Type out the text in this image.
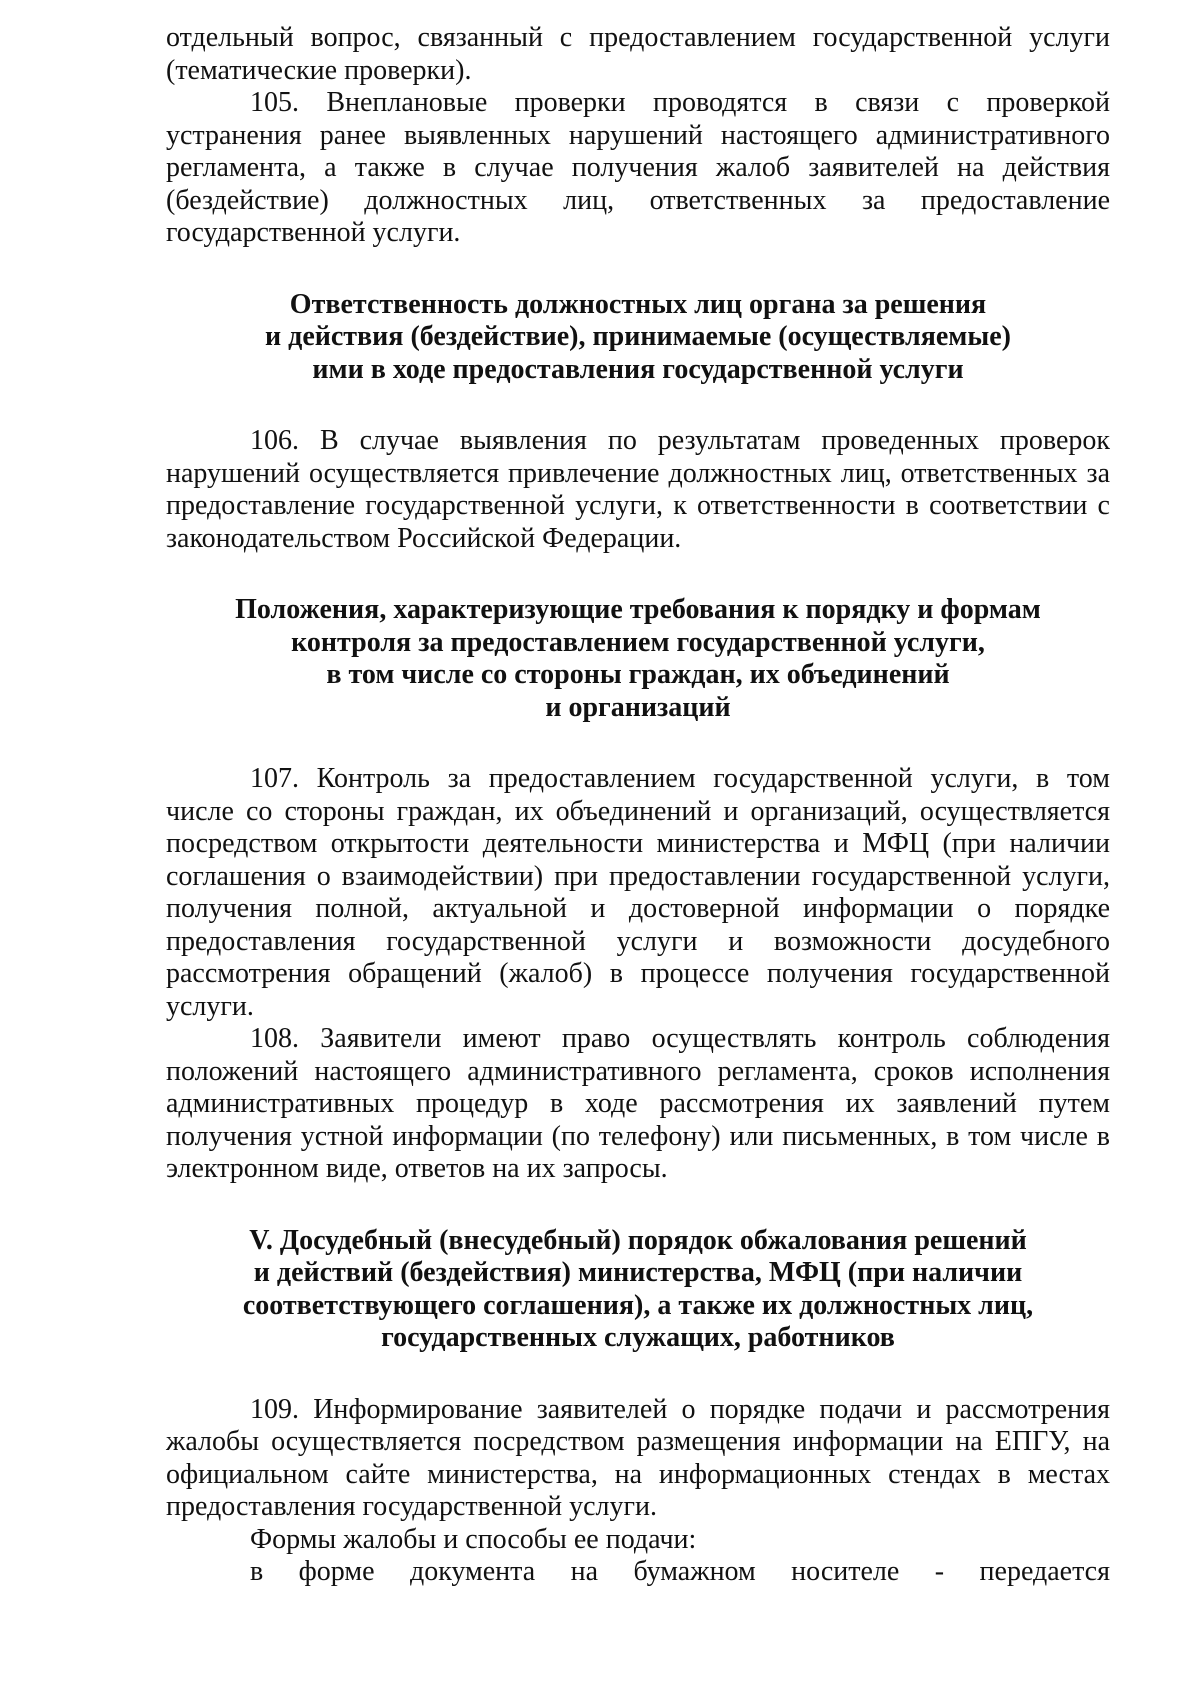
отдельный вопрос, связанный с предоставлением государственной услуги (тематические проверки).

105. Внеплановые проверки проводятся в связи с проверкой устранения ранее выявленных нарушений настоящего административного регламента, а также в случае получения жалоб заявителей на действия (бездействие) должностных лиц, ответственных за предоставление государственной услуги.

Ответственность должностных лиц органа за решения
и действия (бездействие), принимаемые (осуществляемые)
ими в ходе предоставления государственной услуги

106. В случае выявления по результатам проведенных проверок нарушений осуществляется привлечение должностных лиц, ответственных за предоставление государственной услуги, к ответственности в соответствии с законодательством Российской Федерации.

Положения, характеризующие требования к порядку и формам
контроля за предоставлением государственной услуги,
в том числе со стороны граждан, их объединений
и организаций

107. Контроль за предоставлением государственной услуги, в том числе со стороны граждан, их объединений и организаций, осуществляется посредством открытости деятельности министерства и МФЦ (при наличии соглашения о взаимодействии) при предоставлении государственной услуги, получения полной, актуальной и достоверной информации о порядке предоставления государственной услуги и возможности досудебного рассмотрения обращений (жалоб) в процессе получения государственной услуги.

108. Заявители имеют право осуществлять контроль соблюдения положений настоящего административного регламента, сроков исполнения административных процедур в ходе рассмотрения их заявлений путем получения устной информации (по телефону) или письменных, в том числе в электронном виде, ответов на их запросы.

V. Досудебный (внесудебный) порядок обжалования решений
и действий (бездействия) министерства, МФЦ (при наличии
соответствующего соглашения), а также их должностных лиц,
государственных служащих, работников

109. Информирование заявителей о порядке подачи и рассмотрения жалобы осуществляется посредством размещения информации на ЕПГУ, на официальном сайте министерства, на информационных стендах в местах предоставления государственной услуги.

Формы жалобы и способы ее подачи:

в форме документа на бумажном носителе - передается
